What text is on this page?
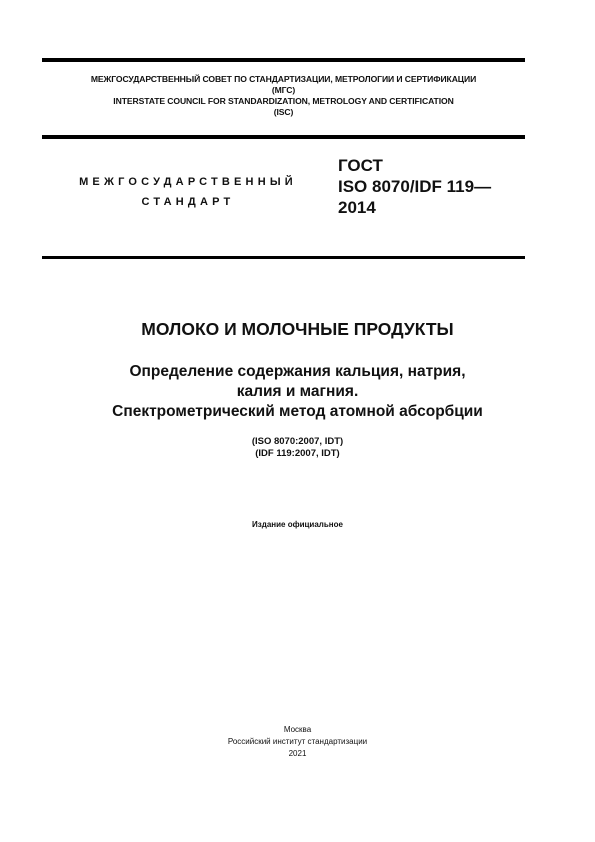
МЕЖГОСУДАРСТВЕННЫЙ СОВЕТ ПО СТАНДАРТИЗАЦИИ, МЕТРОЛОГИИ И СЕРТИФИКАЦИИ
(МГС)
INTERSTATE COUNCIL FOR STANDARDIZATION, METROLOGY AND CERTIFICATION
(ISC)
МЕЖГОСУДАРСТВЕННЫЙ
СТАНДАРТ
ГОСТ
ISO 8070/IDF 119—
2014
МОЛОКО И МОЛОЧНЫЕ ПРОДУКТЫ
Определение содержания кальция, натрия,
калия и магния.
Спектрометрический метод атомной абсорбции
(ISO 8070:2007, IDT)
(IDF 119:2007, IDT)
Издание официальное
Москва
Российский институт стандартизации
2021
